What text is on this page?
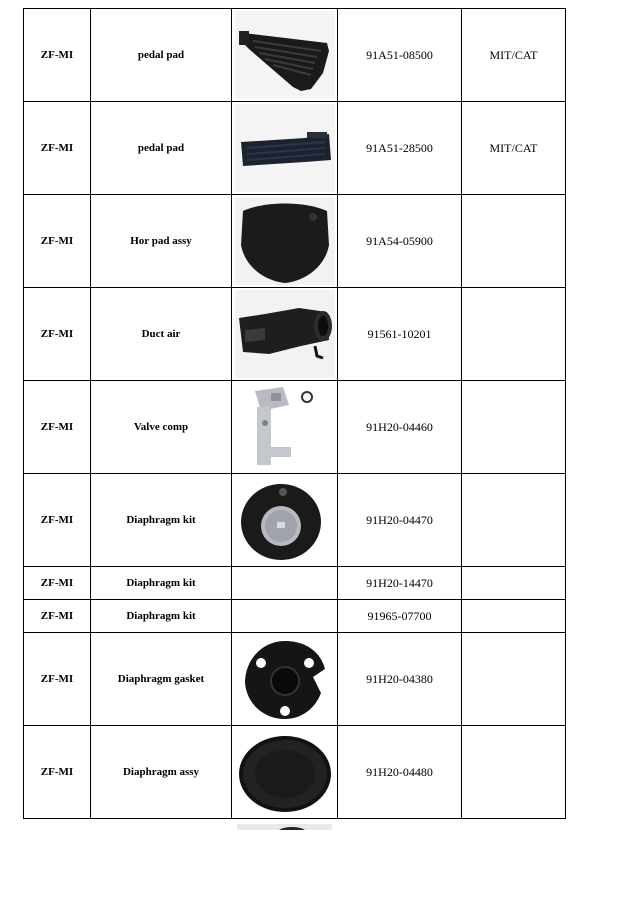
ZF-MI	pedal pad		91A51-08500	MIT/CAT
ZF-MI	pedal pad		91A51-28500	MIT/CAT
ZF-MI	Hor pad assy		91A54-05900	
ZF-MI	Duct air		91561-10201	
ZF-MI	Valve comp		91H20-04460	
ZF-MI	Diaphragm kit		91H20-04470	
ZF-MI	Diaphragm kit		91H20-14470	
ZF-MI	Diaphragm kit		91965-07700	
ZF-MI	Diaphragm gasket		91H20-04380	
ZF-MI	Diaphragm assy		91H20-04480	
